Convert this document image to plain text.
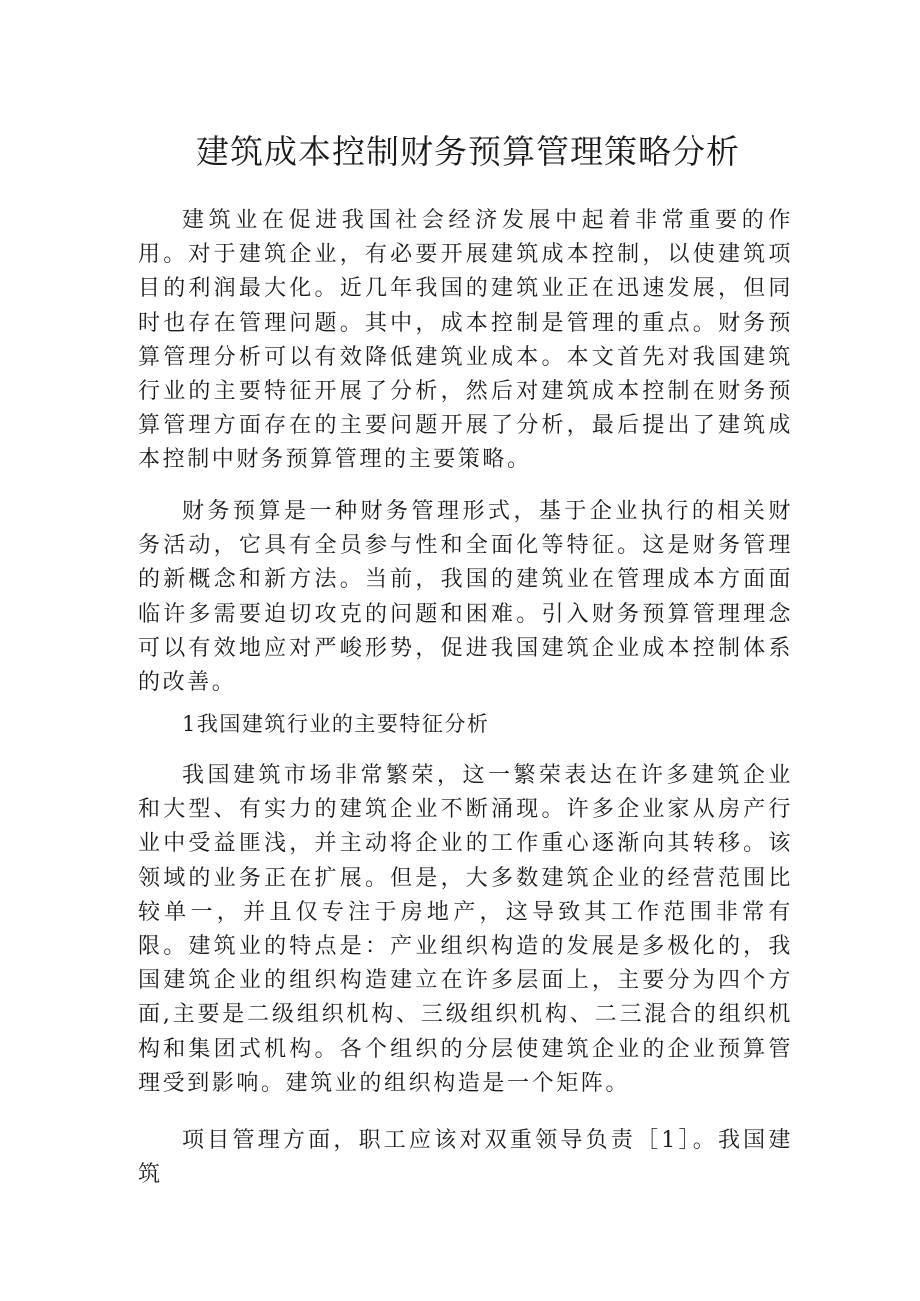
建筑成本控制财务预算管理策略分析

建筑业在促进我国社会经济发展中起着非常重要的作用。对于建筑企业，有必要开展建筑成本控制，以使建筑项目的利润最大化。近几年我国的建筑业正在迅速发展，但同时也存在管理问题。其中，成本控制是管理的重点。财务预算管理分析可以有效降低建筑业成本。本文首先对我国建筑行业的主要特征开展了分析，然后对建筑成本控制在财务预算管理方面存在的主要问题开展了分析，最后提出了建筑成本控制中财务预算管理的主要策略。

财务预算是一种财务管理形式，基于企业执行的相关财务活动，它具有全员参与性和全面化等特征。这是财务管理的新概念和新方法。当前，我国的建筑业在管理成本方面面临许多需要迫切攻克的问题和困难。引入财务预算管理理念可以有效地应对严峻形势，促进我国建筑企业成本控制体系的改善。

1我国建筑行业的主要特征分析

我国建筑市场非常繁荣，这一繁荣表达在许多建筑企业和大型、有实力的建筑企业不断涌现。许多企业家从房产行业中受益匪浅，并主动将企业的工作重心逐渐向其转移。该领域的业务正在扩展。但是，大多数建筑企业的经营范围比较单一，并且仅专注于房地产，这导致其工作范围非常有限。建筑业的特点是：产业组织构造的发展是多极化的，我国建筑企业的组织构造建立在许多层面上，主要分为四个方面,主要是二级组织机构、三级组织机构、二三混合的组织机构和集团式机构。各个组织的分层使建筑企业的企业预算管理受到影响。建筑业的组织构造是一个矩阵。

项目管理方面，职工应该对双重领导负责［1］。我国建筑
